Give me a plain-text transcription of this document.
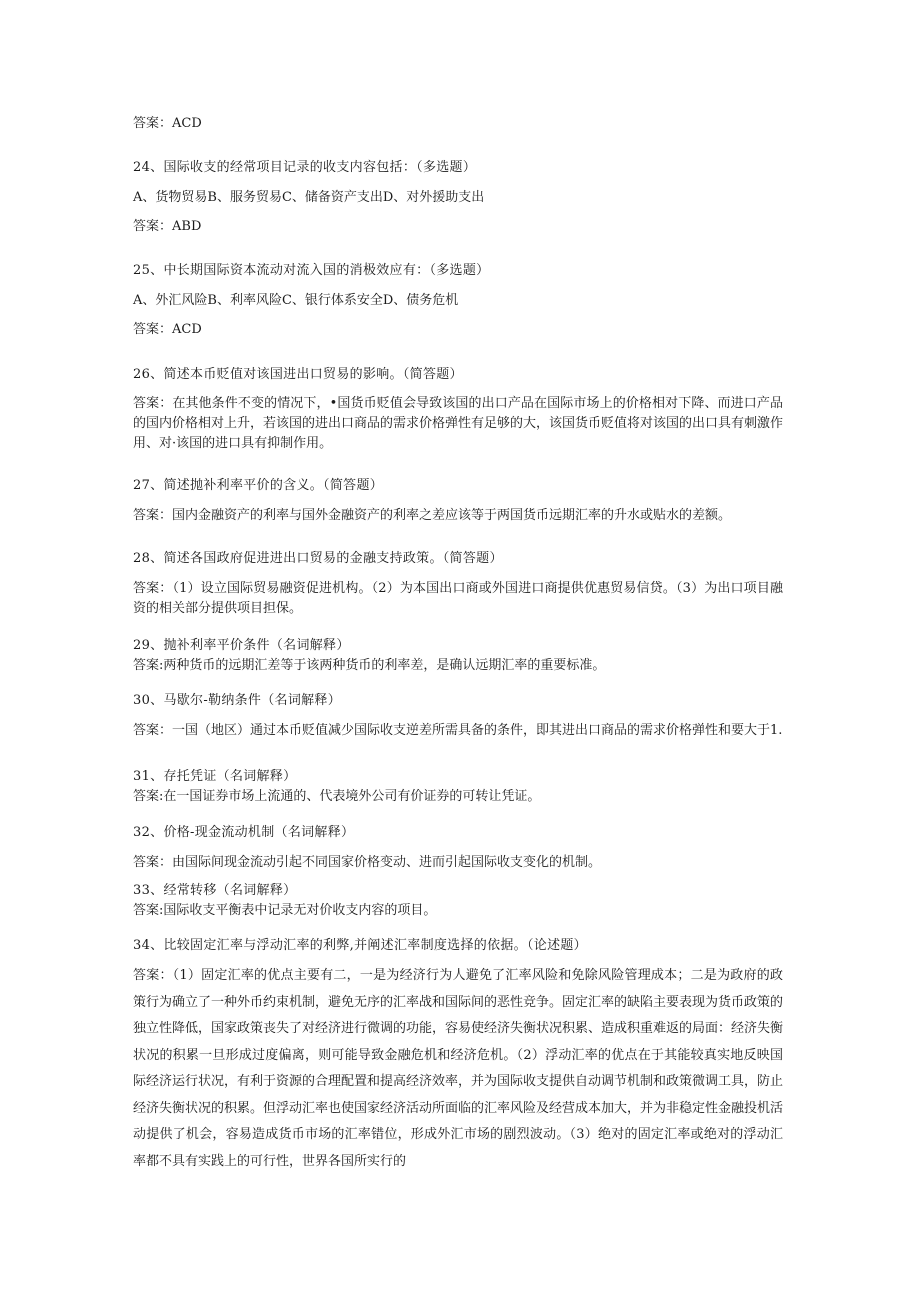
答案：ACD

24、国际收支的经常项目记录的收支内容包括：（多选题）

A、货物贸易B、服务贸易C、储备资产支出D、对外援助支出

答案：ABD

25、中长期国际资本流动对流入国的消极效应有：（多选题）

A、外汇风险B、利率风险C、银行体系安全D、债务危机

答案：ACD

26、简述本币贬值对该国进出口贸易的影响。（简答题）

答案：在其他条件不变的情况下，•国货币贬值会导致该国的出口产品在国际市场上的价格相对下降、而进口产品的国内价格相对上升，若该国的进出口商品的需求价格弹性有足够的大，该国货币贬值将对该国的出口具有刺激作用、对·该国的进口具有抑制作用。

27、简述抛补利率平价的含义。（简答题）

答案：国内金融资产的利率与国外金融资产的利率之差应该等于两国货币远期汇率的升水或贴水的差额。

28、简述各国政府促进进出口贸易的金融支持政策。（简答题）

答案：（1）设立国际贸易融资促进机构。（2）为本国出口商或外国进口商提供优惠贸易信贷。（3）为出口项目融资的相关部分提供项目担保。

29、抛补利率平价条件（名词解释）

答案:两种货币的远期汇差等于该两种货币的利率差，是确认远期汇率的重要标准。

30、马歇尔-勒纳条件（名词解释）

答案：一国（地区）通过本币贬值减少国际收支逆差所需具备的条件，即其进出口商品的需求价格弹性和要大于1.

31、存托凭证（名词解释）

答案:在一国证券市场上流通的、代表境外公司有价证券的可转让凭证。

32、价格-现金流动机制（名词解释）

答案：由国际间现金流动引起不同国家价格变动、进而引起国际收支变化的机制。

33、经常转移（名词解释）

答案:国际收支平衡表中记录无对价收支内容的项目。

34、比较固定汇率与浮动汇率的利弊,并阐述汇率制度选择的依据。（论述题）

答案：（1）固定汇率的优点主要有二，一是为经济行为人避免了汇率风险和免除风险管理成本；二是为政府的政策行为确立了一种外币约束机制，避免无序的汇率战和国际间的恶性竞争。固定汇率的缺陷主要表现为货币政策的独立性降低，国家政策丧失了对经济进行微调的功能，容易使经济失衡状况积累、造成积重难返的局面：经济失衡状况的积累一旦形成过度偏离，则可能导致金融危机和经济危机。（2）浮动汇率的优点在于其能较真实地反映国际经济运行状况，有利于资源的合理配置和提高经济效率，并为国际收支提供自动调节机制和政策微调工具，防止经济失衡状况的积累。但浮动汇率也使国家经济活动所面临的汇率风险及经营成本加大，并为非稳定性金融投机活动提供了机会，容易造成货币市场的汇率错位，形成外汇市场的剧烈波动。（3）绝对的固定汇率或绝对的浮动汇率都不具有实践上的可行性，世界各国所实行的
